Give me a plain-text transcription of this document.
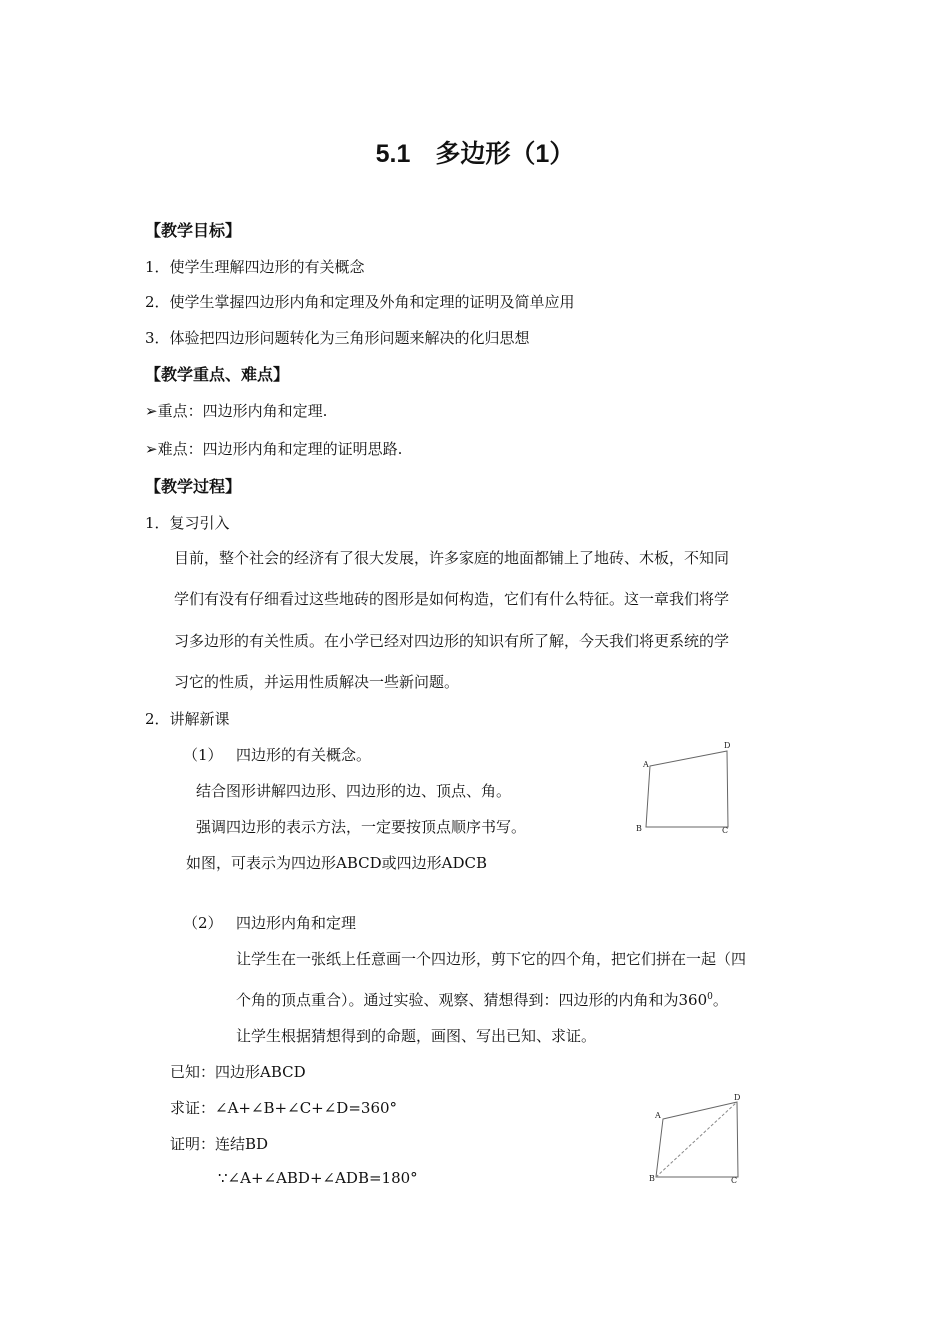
5.1　多边形（1）
【教学目标】
1．使学生理解四边形的有关概念
2．使学生掌握四边形内角和定理及外角和定理的证明及简单应用
3．体验把四边形问题转化为三角形问题来解决的化归思想
【教学重点、难点】
➢重点：四边形内角和定理.
➢难点：四边形内角和定理的证明思路.
【教学过程】
1．复习引入
目前，整个社会的经济有了很大发展，许多家庭的地面都铺上了地砖、木板，不知同
学们有没有仔细看过这些地砖的图形是如何构造，它们有什么特征。这一章我们将学
习多边形的有关性质。在小学已经对四边形的知识有所了解，今天我们将更系统的学
习它的性质，并运用性质解决一些新问题。
2．讲解新课
（1） 四边形的有关概念。
结合图形讲解四边形、四边形的边、顶点、角。
强调四边形的表示方法，一定要按顶点顺序书写。
如图，可表示为四边形ABCD或四边形ADCB
A
B	C
D
（2） 四边形内角和定理
让学生在一张纸上任意画一个四边形，剪下它的四个角，把它们拼在一起（四
个角的顶点重合）。通过实验、观察、猜想得到：四边形的内角和为$360^0$。
让学生根据猜想得到的命题，画图、写出已知、求证。
已知：四边形ABCD
求证：∠A+∠B+∠C+∠D=360°
证明：连结BD
∵∠A+∠ABD+∠ADB=180°
A
B	C
D
